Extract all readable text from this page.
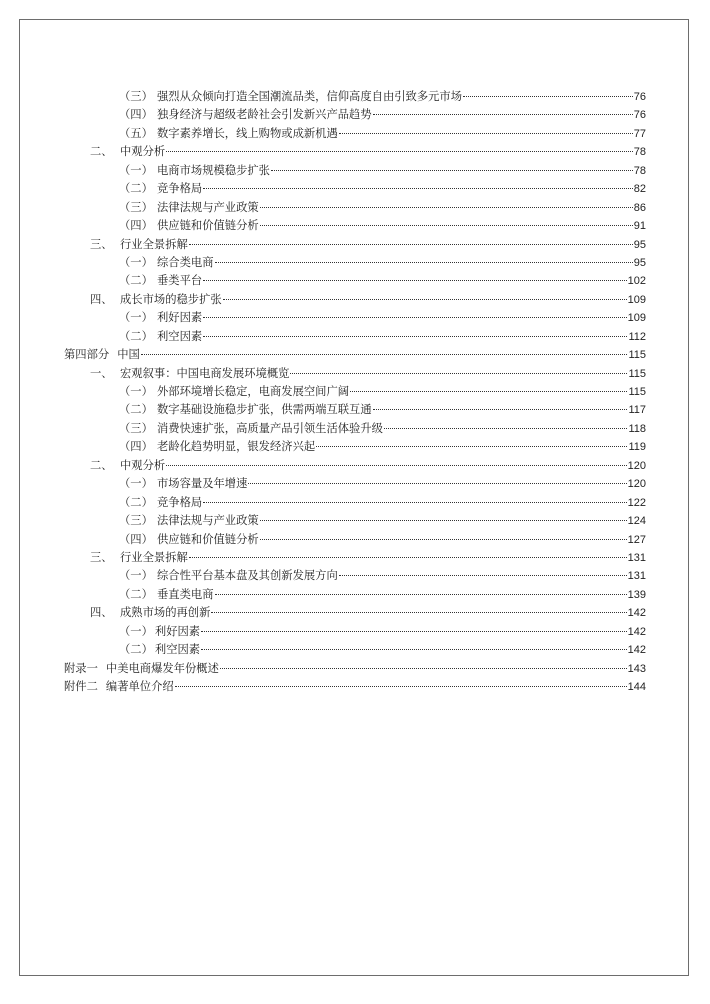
（三） 强烈从众倾向打造全国潮流品类，信仰高度自由引致多元市场	76
（四） 独身经济与超级老龄社会引发新兴产品趋势	76
（五） 数字素养增长，线上购物或成新机遇	77
二、 中观分析	78
（一） 电商市场规模稳步扩张	78
（二） 竞争格局	82
（三） 法律法规与产业政策	86
（四） 供应链和价值链分析	91
三、 行业全景拆解	95
（一） 综合类电商	95
（二） 垂类平台	102
四、 成长市场的稳步扩张	109
（一） 利好因素	109
（二） 利空因素	112
第四部分 中国	115
一、 宏观叙事：中国电商发展环境概览	115
（一） 外部环境增长稳定，电商发展空间广阔	115
（二） 数字基础设施稳步扩张，供需两端互联互通	117
（三） 消费快速扩张，高质量产品引领生活体验升级	118
（四） 老龄化趋势明显，银发经济兴起	119
二、 中观分析	120
（一） 市场容量及年增速	120
（二） 竞争格局	122
（三） 法律法规与产业政策	124
（四） 供应链和价值链分析	127
三、 行业全景拆解	131
（一） 综合性平台基本盘及其创新发展方向	131
（二） 垂直类电商	139
四、 成熟市场的再创新	142
（一） 利好因素	142
（二） 利空因素	142
附录一 中美电商爆发年份概述	143
附件二 编著单位介绍	144
